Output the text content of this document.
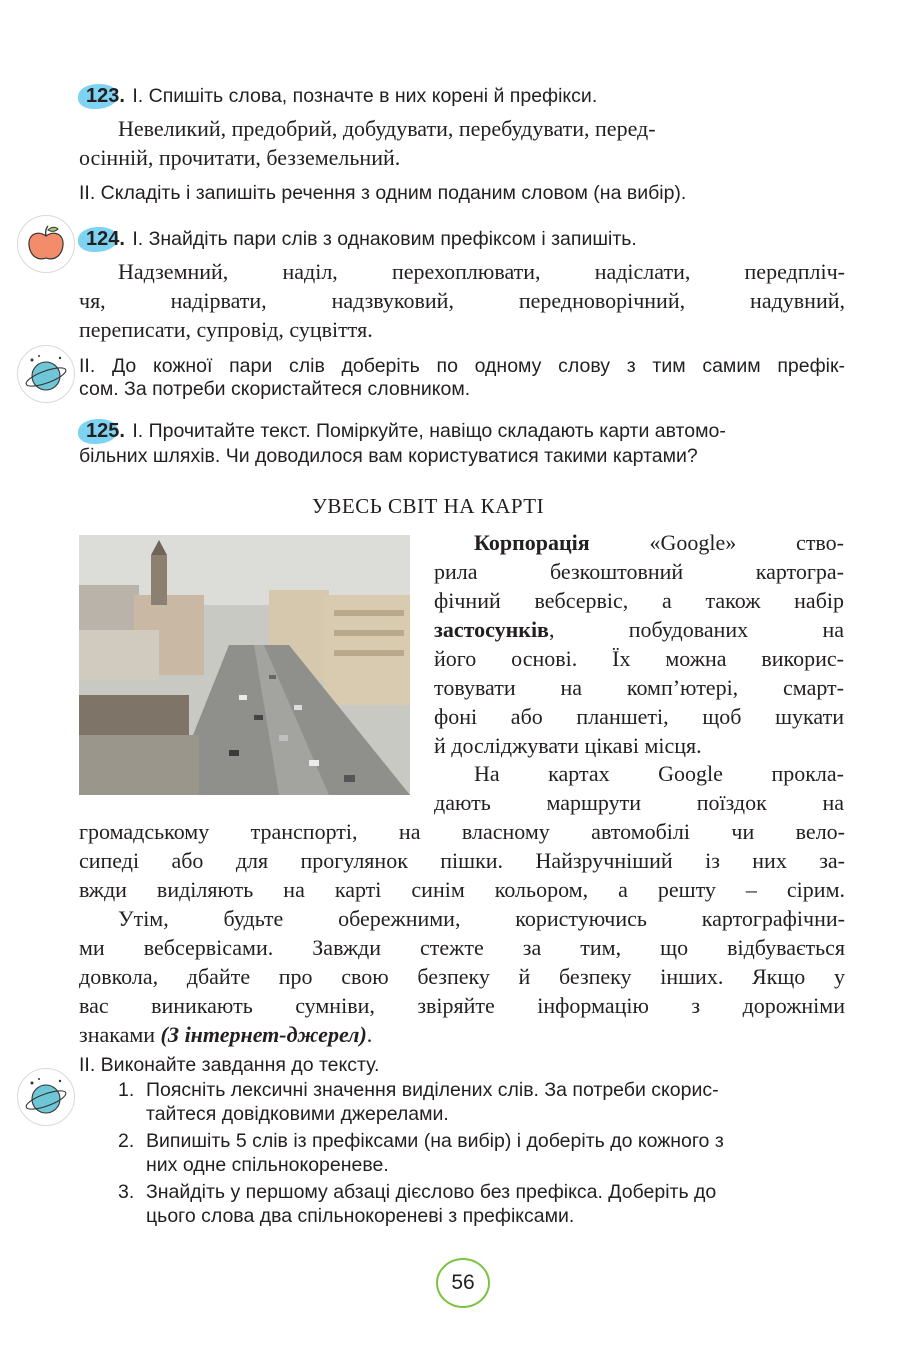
123. І. Спишіть слова, позначте в них корені й префікси.
Невеликий, предобрий, добудувати, перебудувати, перед-
осінній, прочитати, безземельний.
ІІ. Складіть і запишіть речення з одним поданим словом (на вибір).
124. І. Знайдіть пари слів з однаковим префіксом і запишіть.
Надземний, наділ, перехоплювати, надіслати, передпліч-
чя, надірвати, надзвуковий, передноворічний, надувний,
переписати, супровід, суцвіття.
ІІ. До кожної пари слів доберіть по одному слову з тим самим префік-
сом. За потреби скористайтеся словником.
125. І. Прочитайте текст. Поміркуйте, навіщо складають карти автомо-
більних шляхів. Чи доводилося вам користуватися такими картами?
УВЕСЬ СВІТ НА КАРТІ
Корпорація	«Google» ство-
рила безкоштовний картогра-
фічний вебсервіс, а також набір
застосунків, побудованих на
його основі. Їх можна викорис-
товувати на комп’ютері, смарт-
фоні або планшеті, щоб шукати
й досліджувати цікаві місця.
На картах Google прокла-
дають маршрути поїздок на
громадському транспорті, на власному автомобілі чи вело-
сипеді або для прогулянок пішки. Найзручніший із них за-
вжди виділяють на карті синім кольором, а решту – сірим.
Утім, будьте обережними, користуючись картографічни-
ми вебсервісами. Завжди стежте за тим, що відбувається
довкола, дбайте про свою безпеку й безпеку інших. Якщо у
вас виникають сумніви, звіряйте інформацію з дорожніми
знаками (З інтернет-джерел).
ІІ. Виконайте завдання до тексту.
1. Поясніть лексичні значення виділених слів. За потреби скорис-
тайтеся довідковими джерелами.
2. Випишіть 5 слів із префіксами (на вибір) і доберіть до кожного з
них одне спільнокореневе.
3. Знайдіть у першому абзаці дієслово без префікса. Доберіть до
цього слова два спільнокореневі з префіксами.
56
